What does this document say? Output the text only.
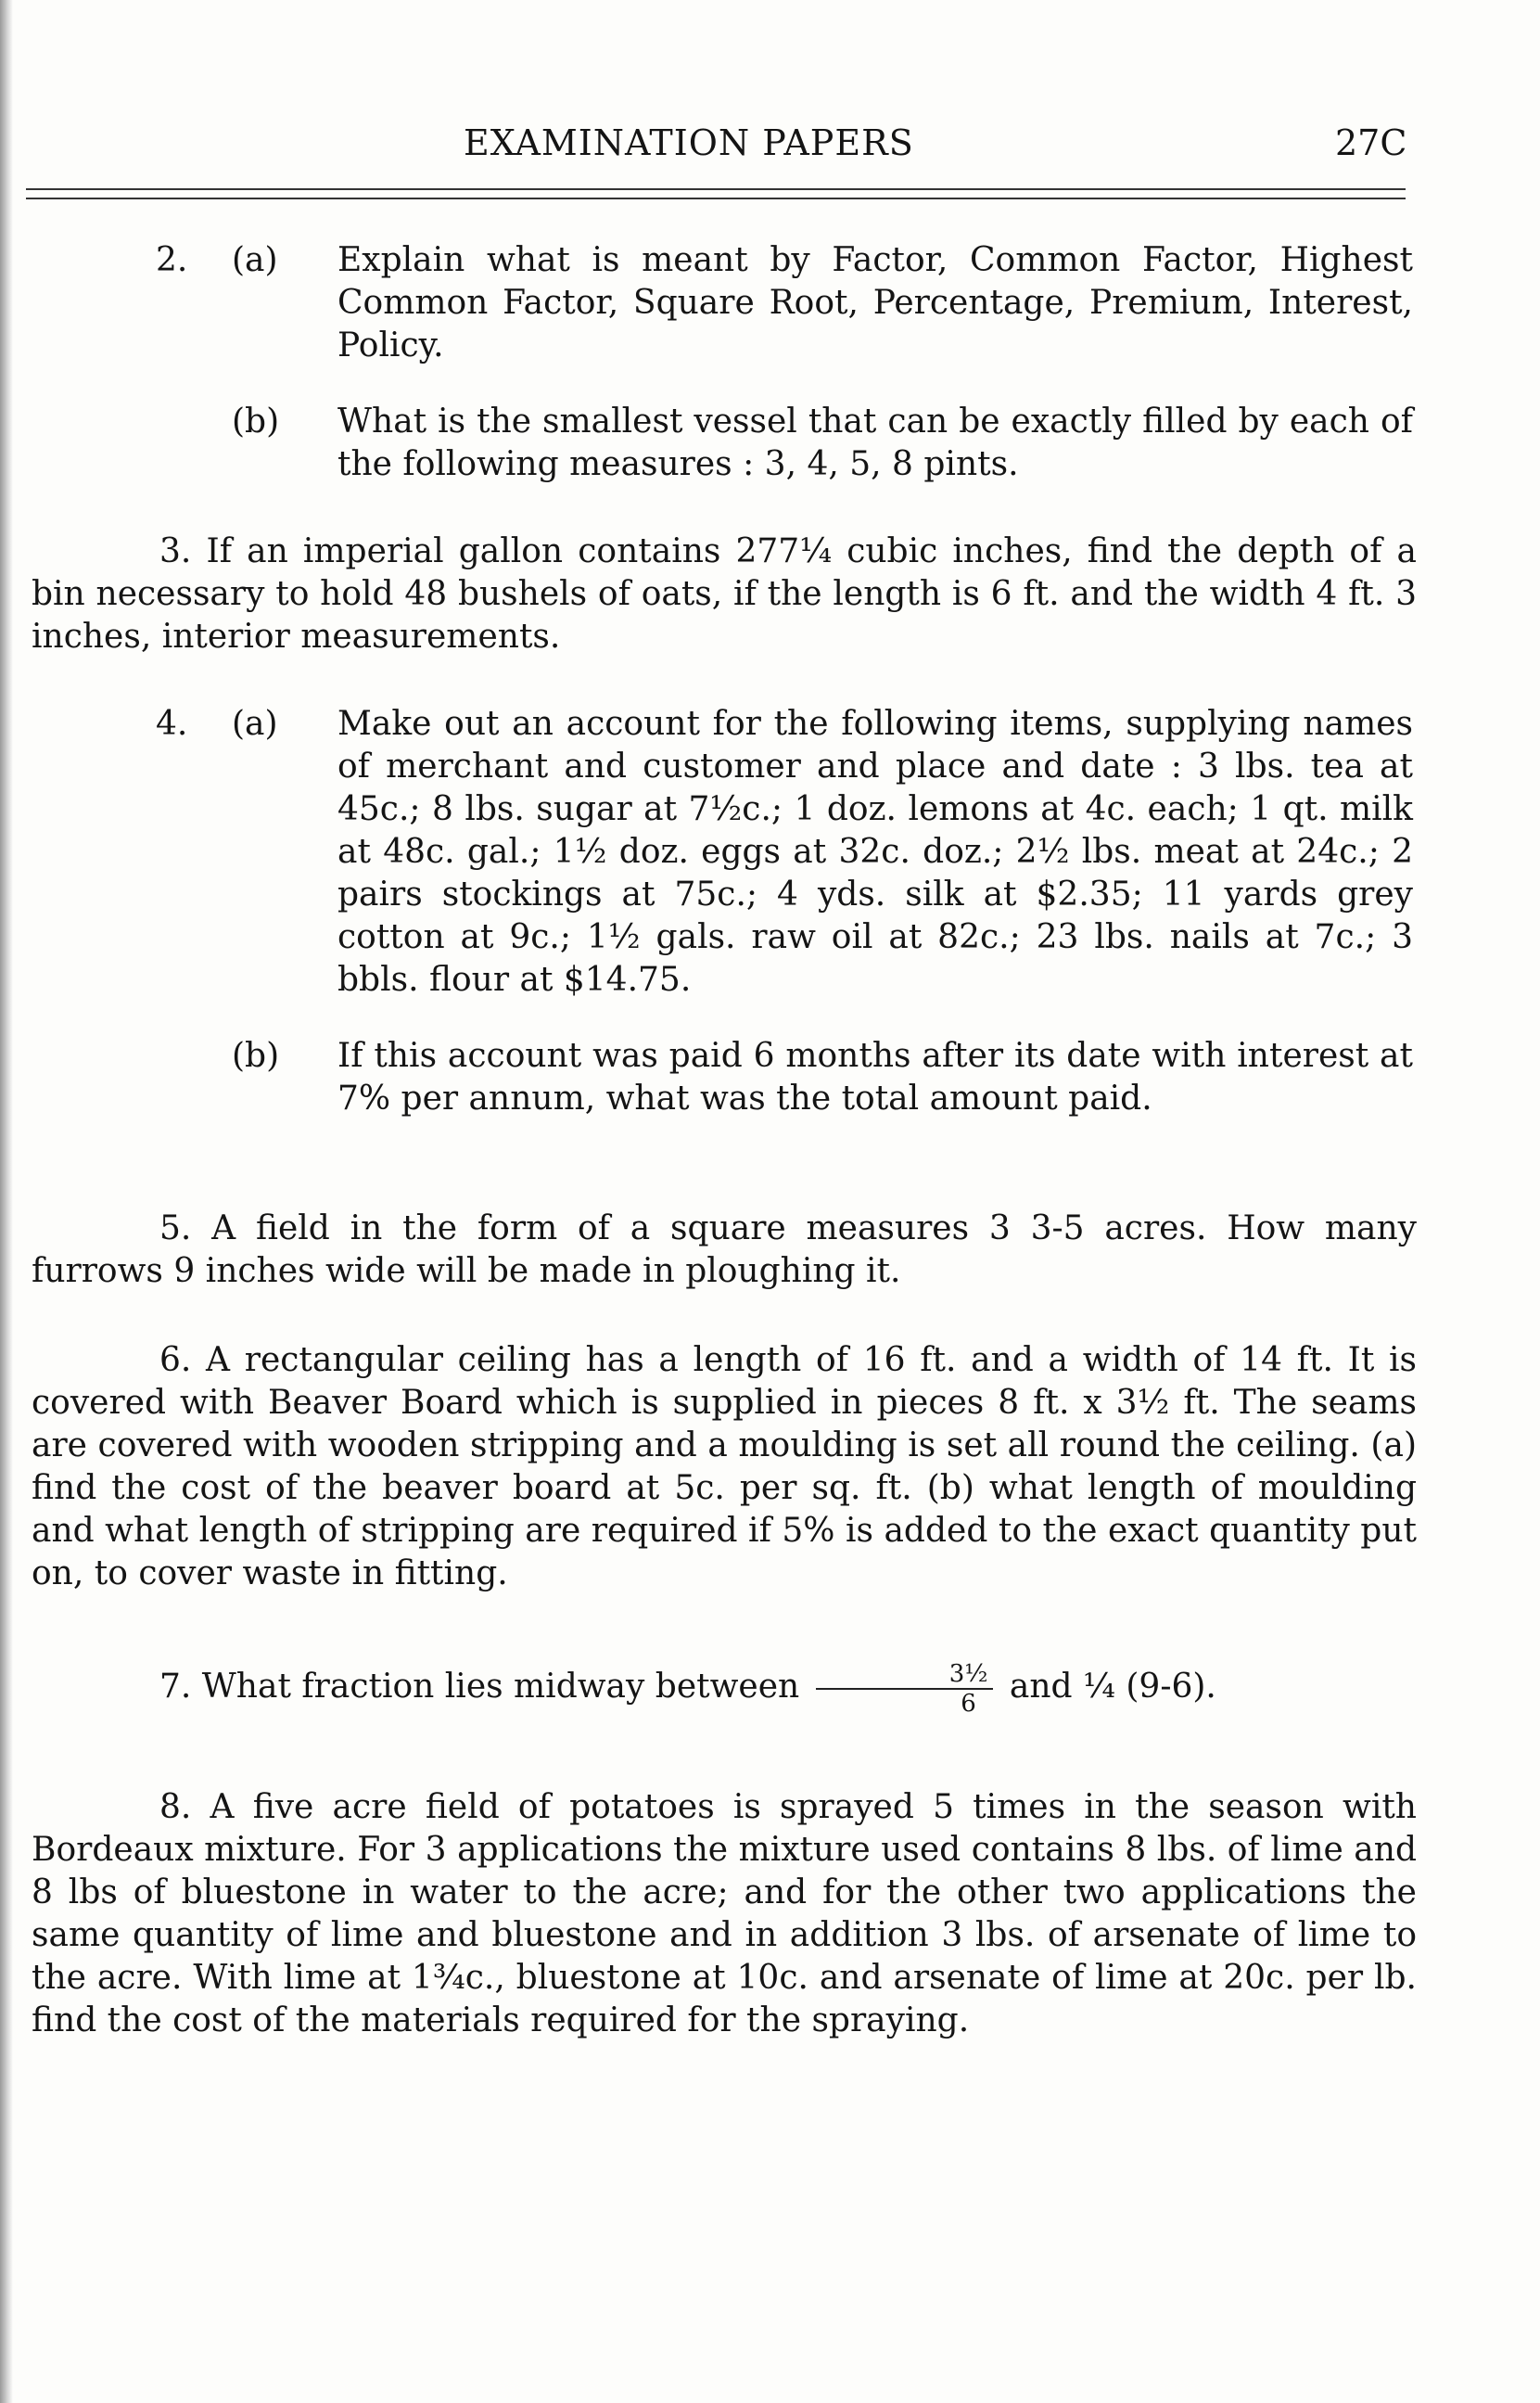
EXAMINATION PAPERS	27C
2. (a) Explain what is meant by Factor, Common Factor, Highest Common Factor, Square Root, Percentage, Premium, Interest, Policy.
(b) What is the smallest vessel that can be exactly filled by each of the following measures : 3, 4, 5, 8 pints.
3. If an imperial gallon contains 277¼ cubic inches, find the depth of a bin necessary to hold 48 bushels of oats, if the length is 6 ft. and the width 4 ft. 3 inches, interior measurements.
4. (a) Make out an account for the following items, supplying names of merchant and customer and place and date : 3 lbs. tea at 45c.; 8 lbs. sugar at 7½c.; 1 doz. lemons at 4c. each; 1 qt. milk at 48c. gal.; 1½ doz. eggs at 32c. doz.; 2½ lbs. meat at 24c.; 2 pairs stockings at 75c.; 4 yds. silk at $2.35; 11 yards grey cotton at 9c.; 1½ gals. raw oil at 82c.; 23 lbs. nails at 7c.; 3 bbls. flour at $14.75.
(b) If this account was paid 6 months after its date with interest at 7% per annum, what was the total amount paid.
5. A field in the form of a square measures 3 3-5 acres. How many furrows 9 inches wide will be made in ploughing it.
6. A rectangular ceiling has a length of 16 ft. and a width of 14 ft. It is covered with Beaver Board which is supplied in pieces 8 ft. x 3½ ft. The seams are covered with wooden stripping and a moulding is set all round the ceiling. (a) find the cost of the beaver board at 5c. per sq. ft. (b) what length of moulding and what length of stripping are required if 5% is added to the exact quantity put on, to cover waste in fitting.
7. What fraction lies midway between $\frac{\text{3½}}{6}$ and ¼ (9-6).
8. A five acre field of potatoes is sprayed 5 times in the season with Bordeaux mixture. For 3 applications the mixture used contains 8 lbs. of lime and 8 lbs of bluestone in water to the acre; and for the other two applications the same quantity of lime and bluestone and in addition 3 lbs. of arsenate of lime to the acre. With lime at 1¾c., bluestone at 10c. and arsenate of lime at 20c. per lb. find the cost of the materials required for the spraying.
